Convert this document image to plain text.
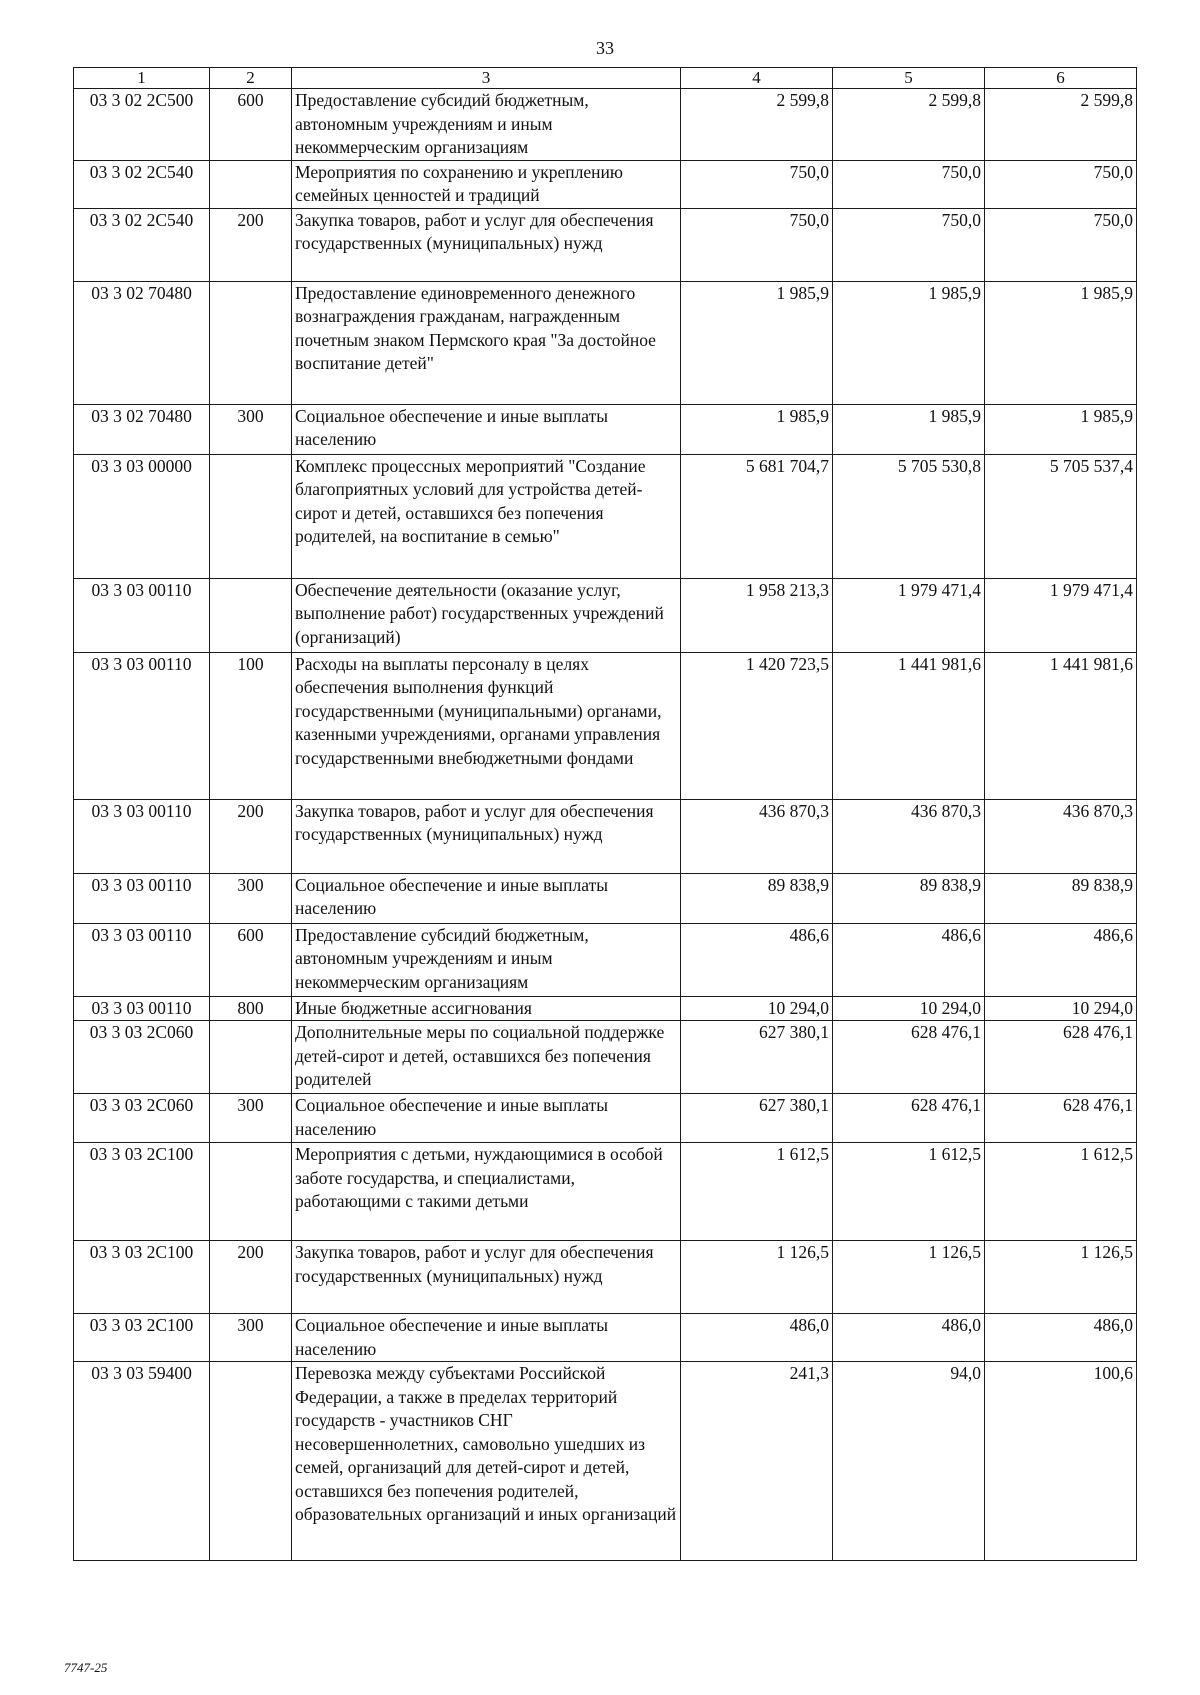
33
1	2	3	4	5	6
03 3 02 2С500	600	Предоставление субсидий бюджетным, автономным учреждениям и иным некоммерческим организациям	2 599,8	2 599,8	2 599,8
03 3 02 2С540		Мероприятия по сохранению и укреплению семейных ценностей и традиций	750,0	750,0	750,0
03 3 02 2С540	200	Закупка товаров, работ и услуг для обеспечения государственных (муниципальных) нужд	750,0	750,0	750,0
03 3 02 70480		Предоставление единовременного денежного вознаграждения гражданам, награжденным почетным знаком Пермского края "За достойное воспитание детей"	1 985,9	1 985,9	1 985,9
03 3 02 70480	300	Социальное обеспечение и иные выплаты населению	1 985,9	1 985,9	1 985,9
03 3 03 00000		Комплекс процессных мероприятий "Создание благоприятных условий для устройства детей-сирот и детей, оставшихся без попечения родителей, на воспитание в семью"	5 681 704,7	5 705 530,8	5 705 537,4
03 3 03 00110		Обеспечение деятельности (оказание услуг, выполнение работ) государственных учреждений (организаций)	1 958 213,3	1 979 471,4	1 979 471,4
03 3 03 00110	100	Расходы на выплаты персоналу в целях обеспечения выполнения функций государственными (муниципальными) органами, казенными учреждениями, органами управления государственными внебюджетными фондами	1 420 723,5	1 441 981,6	1 441 981,6
03 3 03 00110	200	Закупка товаров, работ и услуг для обеспечения государственных (муниципальных) нужд	436 870,3	436 870,3	436 870,3
03 3 03 00110	300	Социальное обеспечение и иные выплаты населению	89 838,9	89 838,9	89 838,9
03 3 03 00110	600	Предоставление субсидий бюджетным, автономным учреждениям и иным некоммерческим организациям	486,6	486,6	486,6
03 3 03 00110	800	Иные бюджетные ассигнования	10 294,0	10 294,0	10 294,0
03 3 03 2С060		Дополнительные меры по социальной поддержке детей-сирот и детей, оставшихся без попечения родителей	627 380,1	628 476,1	628 476,1
03 3 03 2С060	300	Социальное обеспечение и иные выплаты населению	627 380,1	628 476,1	628 476,1
03 3 03 2С100		Мероприятия с детьми, нуждающимися в особой заботе государства, и специалистами, работающими с такими детьми	1 612,5	1 612,5	1 612,5
03 3 03 2С100	200	Закупка товаров, работ и услуг для обеспечения государственных (муниципальных) нужд	1 126,5	1 126,5	1 126,5
03 3 03 2С100	300	Социальное обеспечение и иные выплаты населению	486,0	486,0	486,0
03 3 03 59400		Перевозка между субъектами Российской Федерации, а также в пределах территорий государств - участников СНГ несовершеннолетних, самовольно ушедших из семей, организаций для детей-сирот и детей, оставшихся без попечения родителей, образовательных организаций и иных организаций	241,3	94,0	100,6
7747-25
